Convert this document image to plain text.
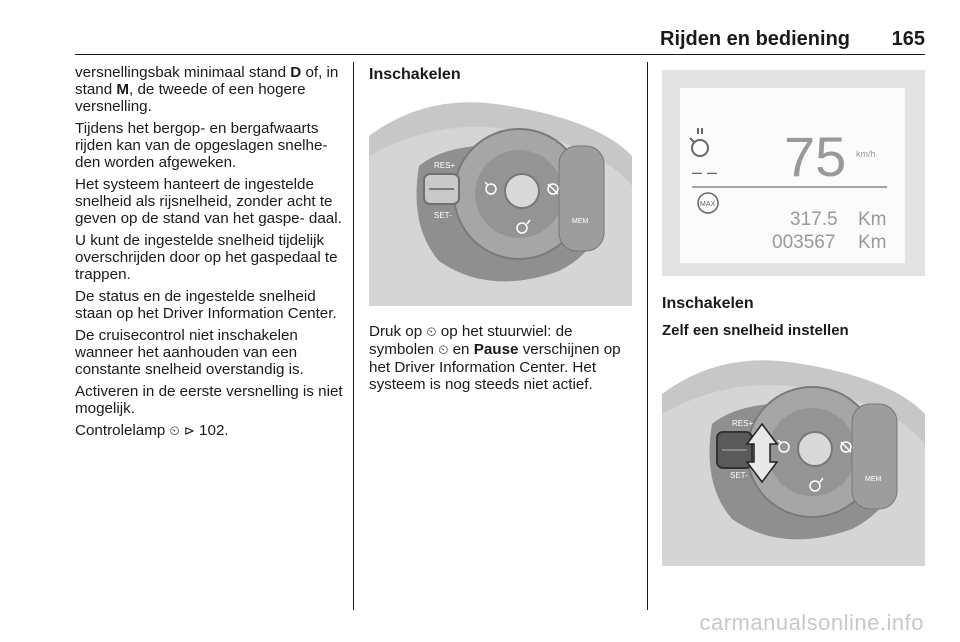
Rijden en bediening 165

versnellingsbak minimaal stand D of, in stand M, de tweede of een hogere versnelling.

Tijdens het bergop- en bergafwaarts rijden kan van de opgeslagen snelhe‐ den worden afgeweken.

Het systeem hanteert de ingestelde snelheid als rijsnelheid, zonder acht te geven op de stand van het gaspe‐ daal.

U kunt de ingestelde snelheid tijdelijk overschrijden door op het gaspedaal te trappen.

De status en de ingestelde snelheid staan op het Driver Information Center.

De cruisecontrol niet inschakelen wanneer het aanhouden van een constante snelheid overstandig is.

Activeren in de eerste versnelling is niet mogelijk.

Controlelamp ⏲ ⊳ 102.

Inschakelen
RES+
SET-
MEM

Druk op ⏲ op het stuurwiel: de symbolen ⏲ en Pause verschijnen op het Driver Information Center. Het systeem is nog steeds niet actief.

– – 75 km/h
MAX
317.5 Km
003567 Km
Inschakelen
Zelf een snelheid instellen
RES+
SET-	MEM
carmanualsonline.info
